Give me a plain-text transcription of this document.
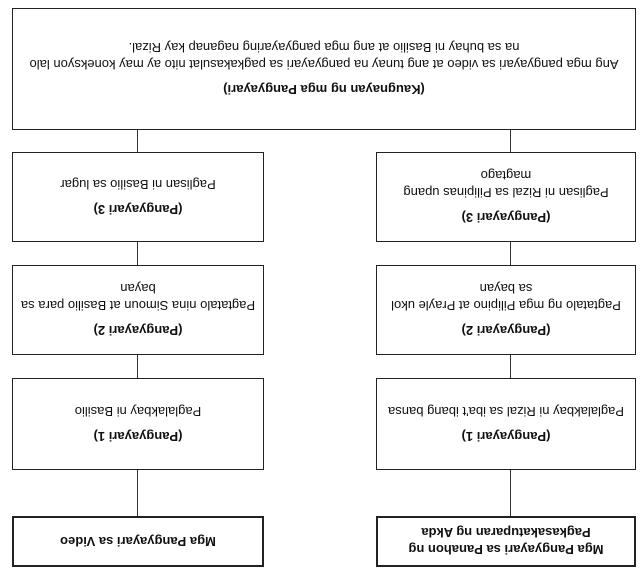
Mga Pangyayari sa Panahon ng Pagkasakatuparan ng Akda
Mga Pangyayari sa Video
(Pangyayari 1)
Paglalakbay ni Rizal sa iba't ibang bansa
(Pangyayari 2)
Pagtatalo ng mga Pilipino at Prayle ukol sa bayan
(Pangyayari 3)
Paglisan ni Rizal sa Pilipinas upang magtago
(Pangyayari 1)
Paglalakbay ni Basilio
(Pangyayari 2)
Pagtatalo nina Simoun at Basilio para sa bayan
(Pangyayari 3)
Paglisan ni Basilio sa lugar
(Kaugnayan ng mga Pangyayari)
Ang mga pangyayari sa video at ang tunay na pangyayari sa pagkakasulat nito ay may koneksyon lalo na sa buhay ni Basilio at ang mga pangyayaring naganap kay Rizal.
